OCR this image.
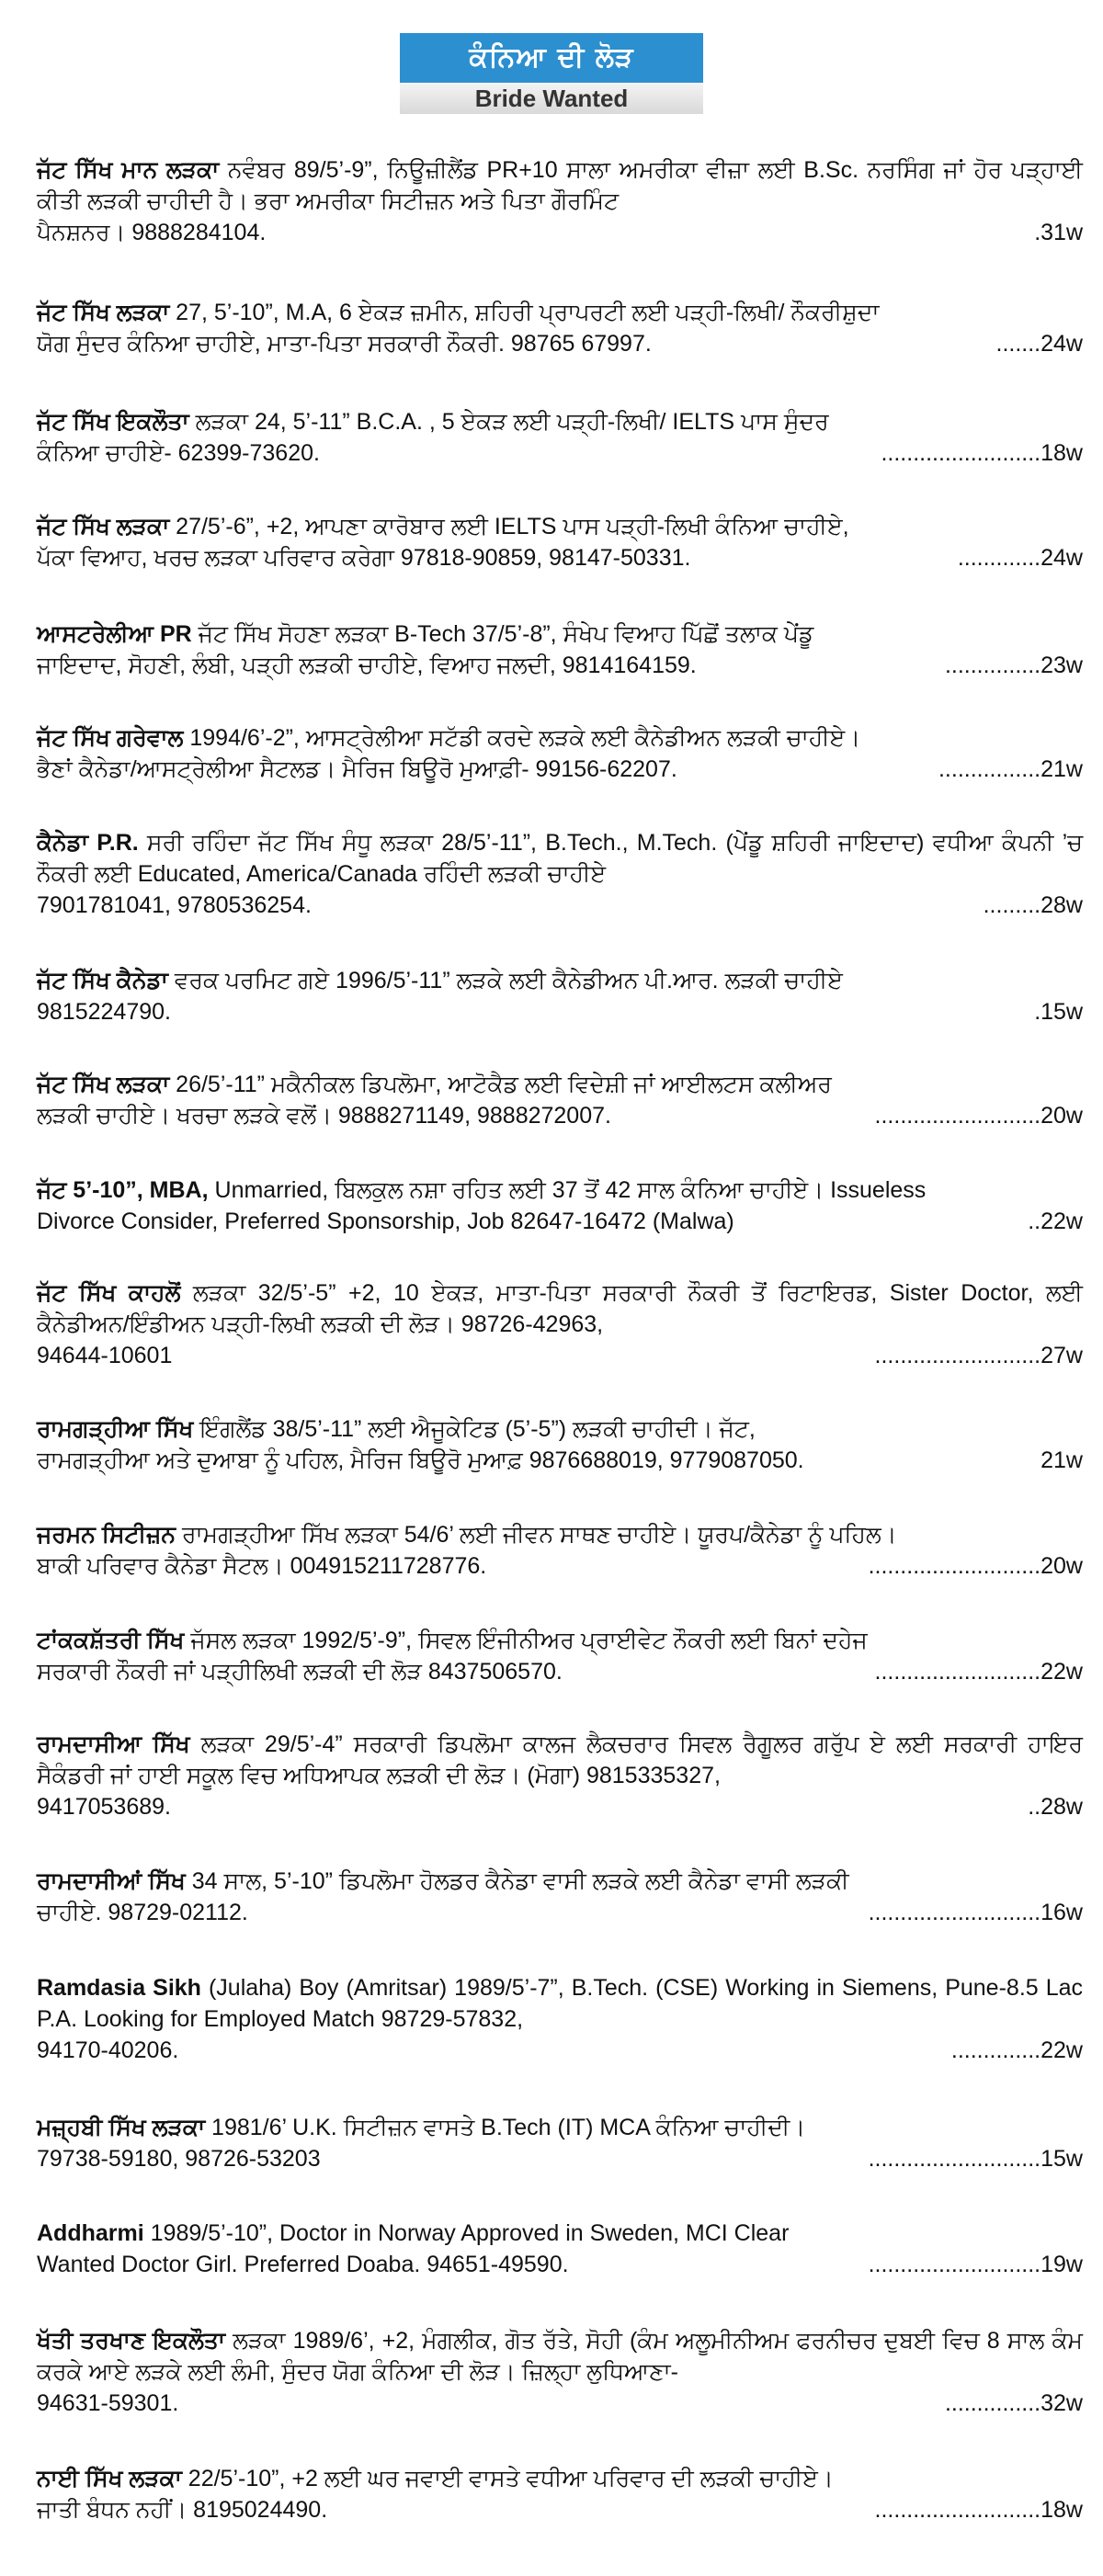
ਕੰਨਿਆ ਦੀ ਲੋੜ
Bride Wanted
ਜੱਟ ਸਿੱਖ ਮਾਨ ਲੜਕਾ ਨਵੰਬਰ 89/5’-9”, ਨਿਊਜ਼ੀਲੈਂਡ PR+10 ਸਾਲਾ ਅਮਰੀਕਾ ਵੀਜ਼ਾ ਲਈ B.Sc. ਨਰਸਿੰਗ ਜਾਂ ਹੋਰ ਪੜ੍ਹਾਈ ਕੀਤੀ ਲੜਕੀ ਚਾਹੀਦੀ ਹੈ। ਭਰਾ ਅਮਰੀਕਾ ਸਿਟੀਜ਼ਨ ਅਤੇ ਪਿਤਾ ਗੌਰਮਿੰਟ
ਪੈਨਸ਼ਨਰ। 9888284104.	.31w
ਜੱਟ ਸਿੱਖ ਲੜਕਾ 27, 5’-10”, M.A, 6 ਏਕੜ ਜ਼ਮੀਨ, ਸ਼ਹਿਰੀ ਪ੍ਰਾਪਰਟੀ ਲਈ ਪੜ੍ਹੀ-ਲਿਖੀ/ ਨੌਕਰੀਸ਼ੁਦਾ
ਯੋਗ ਸੁੰਦਰ ਕੰਨਿਆ ਚਾਹੀਏ, ਮਾਤਾ-ਪਿਤਾ ਸਰਕਾਰੀ ਨੌਕਰੀ. 98765 67997.	....... 24w
ਜੱਟ ਸਿੱਖ ਇਕਲੌਤਾ ਲੜਕਾ 24, 5’-11” B.C.A. , 5 ਏਕੜ ਲਈ ਪੜ੍ਹੀ-ਲਿਖੀ/ IELTS ਪਾਸ ਸੁੰਦਰ
ਕੰਨਿਆ ਚਾਹੀਏ- 62399-73620.	......................... 18w
ਜੱਟ ਸਿੱਖ ਲੜਕਾ 27/5’-6”, +2, ਆਪਣਾ ਕਾਰੋਬਾਰ ਲਈ IELTS ਪਾਸ ਪੜ੍ਹੀ-ਲਿਖੀ ਕੰਨਿਆ ਚਾਹੀਏ,
ਪੱਕਾ ਵਿਆਹ, ਖਰਚ ਲੜਕਾ ਪਰਿਵਾਰ ਕਰੇਗਾ 97818-90859, 98147-50331.	............. 24w
ਆਸਟਰੇਲੀਆ PR ਜੱਟ ਸਿੱਖ ਸੋਹਣਾ ਲੜਕਾ B-Tech 37/5’-8”, ਸੰਖੇਪ ਵਿਆਹ ਪਿੱਛੋਂ ਤਲਾਕ ਪੇਂਡੂ
ਜਾਇਦਾਦ, ਸੋਹਣੀ, ਲੰਬੀ, ਪੜ੍ਹੀ ਲੜਕੀ ਚਾਹੀਏ, ਵਿਆਹ ਜਲਦੀ, 9814164159.	............... 23w
ਜੱਟ ਸਿੱਖ ਗਰੇਵਾਲ 1994/6’-2”, ਆਸਟ੍ਰੇਲੀਆ ਸਟੱਡੀ ਕਰਦੇ ਲੜਕੇ ਲਈ ਕੈਨੇਡੀਅਨ ਲੜਕੀ ਚਾਹੀਏ।
ਭੈਣਾਂ ਕੈਨੇਡਾ/ਆਸਟ੍ਰੇਲੀਆ ਸੈਟਲਡ। ਮੈਰਿਜ ਬਿਊਰੋ ਮੁਆਫ਼ੀ- 99156-62207.	................ 21w
ਕੈਨੇਡਾ P.R. ਸਰੀ ਰਹਿੰਦਾ ਜੱਟ ਸਿੱਖ ਸੰਧੂ ਲੜਕਾ 28/5’-11”, B.Tech., M.Tech. (ਪੇਂਡੂ ਸ਼ਹਿਰੀ ਜਾਇਦਾਦ) ਵਧੀਆ ਕੰਪਨੀ ’ਚ ਨੌਕਰੀ ਲਈ Educated, America/Canada ਰਹਿੰਦੀ ਲੜਕੀ ਚਾਹੀਏ
7901781041, 9780536254.	......... 28w
ਜੱਟ ਸਿੱਖ ਕੈਨੇਡਾ ਵਰਕ ਪਰਮਿਟ ਗਏ 1996/5’-11” ਲੜਕੇ ਲਈ ਕੈਨੇਡੀਅਨ ਪੀ.ਆਰ. ਲੜਕੀ ਚਾਹੀਏ
9815224790.	.15w
ਜੱਟ ਸਿੱਖ ਲੜਕਾ 26/5’-11” ਮਕੈਨੀਕਲ ਡਿਪਲੋਮਾ, ਆਟੋਕੈਡ ਲਈ ਵਿਦੇਸ਼ੀ ਜਾਂ ਆਈਲਟਸ ਕਲੀਅਰ
ਲੜਕੀ ਚਾਹੀਏ। ਖਰਚਾ ਲੜਕੇ ਵਲੋਂ। 9888271149, 9888272007.	.......................... 20w
ਜੱਟ 5’-10”, MBA, Unmarried, ਬਿਲਕੁਲ ਨਸ਼ਾ ਰਹਿਤ ਲਈ 37 ਤੋਂ 42 ਸਾਲ ਕੰਨਿਆ ਚਾਹੀਏ। Issueless
Divorce Consider, Preferred Sponsorship, Job 82647-16472 (Malwa)	.. 22w
ਜੱਟ ਸਿੱਖ ਕਾਹਲੋਂ ਲੜਕਾ 32/5’-5” +2, 10 ਏਕੜ, ਮਾਤਾ-ਪਿਤਾ ਸਰਕਾਰੀ ਨੌਕਰੀ ਤੋਂ ਰਿਟਾਇਰਡ, Sister Doctor, ਲਈ ਕੈਨੇਡੀਅਨ/ਇੰਡੀਅਨ ਪੜ੍ਹੀ-ਲਿਖੀ ਲੜਕੀ ਦੀ ਲੋੜ। 98726-42963,
94644-10601	.......................... 27w
ਰਾਮਗੜ੍ਹੀਆ ਸਿੱਖ ਇੰਗਲੈਂਡ 38/5’-11” ਲਈ ਐਜੂਕੇਟਿਡ (5’-5”) ਲੜਕੀ ਚਾਹੀਦੀ। ਜੱਟ,
ਰਾਮਗੜ੍ਹੀਆ ਅਤੇ ਦੁਆਬਾ ਨੂੰ ਪਹਿਲ, ਮੈਰਿਜ ਬਿਊਰੋ ਮੁਆਫ਼ 9876688019, 9779087050.	21w
ਜਰਮਨ ਸਿਟੀਜ਼ਨ ਰਾਮਗੜ੍ਹੀਆ ਸਿੱਖ ਲੜਕਾ 54/6’ ਲਈ ਜੀਵਨ ਸਾਥਣ ਚਾਹੀਏ। ਯੂਰਪ/ਕੈਨੇਡਾ ਨੂੰ ਪਹਿਲ।
ਬਾਕੀ ਪਰਿਵਾਰ ਕੈਨੇਡਾ ਸੈਟਲ। 004915211728776.	........................... 20w
ਟਾਂਕਕਸ਼ੱਤਰੀ ਸਿੱਖ ਜੱਸਲ ਲੜਕਾ 1992/5’-9”, ਸਿਵਲ ਇੰਜੀਨੀਅਰ ਪ੍ਰਾਈਵੇਟ ਨੌਕਰੀ ਲਈ ਬਿਨਾਂ ਦਹੇਜ
ਸਰਕਾਰੀ ਨੌਕਰੀ ਜਾਂ ਪੜ੍ਹੀਲਿਖੀ ਲੜਕੀ ਦੀ ਲੋੜ 8437506570.	.......................... 22w
ਰਾਮਦਾਸੀਆ ਸਿੱਖ ਲੜਕਾ 29/5’-4” ਸਰਕਾਰੀ ਡਿਪਲੋਮਾ ਕਾਲਜ ਲੈਕਚਰਾਰ ਸਿਵਲ ਰੈਗੂਲਰ ਗਰੁੱਪ ਏ ਲਈ ਸਰਕਾਰੀ ਹਾਇਰ ਸੈਕੰਡਰੀ ਜਾਂ ਹਾਈ ਸਕੂਲ ਵਿਚ ਅਧਿਆਪਕ ਲੜਕੀ ਦੀ ਲੋੜ। (ਮੋਗਾ) 9815335327,
9417053689.	.. 28w
ਰਾਮਦਾਸੀਆਂ ਸਿੱਖ 34 ਸਾਲ, 5’-10” ਡਿਪਲੋਮਾ ਹੋਲਡਰ ਕੈਨੇਡਾ ਵਾਸੀ ਲੜਕੇ ਲਈ ਕੈਨੇਡਾ ਵਾਸੀ ਲੜਕੀ
ਚਾਹੀਏ. 98729-02112.	........................... 16w
Ramdasia Sikh (Julaha) Boy (Amritsar) 1989/5’-7”, B.Tech. (CSE) Working in Siemens, Pune-8.5 Lac P.A. Looking for Employed Match 98729-57832,
94170-40206.	.............. 22w
ਮਜ਼੍ਹਬੀ ਸਿੱਖ ਲੜਕਾ 1981/6’ U.K. ਸਿਟੀਜ਼ਨ ਵਾਸਤੇ B.Tech (IT) MCA ਕੰਨਿਆ ਚਾਹੀਦੀ।
79738-59180, 98726-53203	........................... 15w
Addharmi 1989/5’-10”, Doctor in Norway Approved in Sweden, MCI Clear
Wanted Doctor Girl. Preferred Doaba. 94651-49590.	........................... 19w
ਖੱਤੀ ਤਰਖਾਣ ਇਕਲੌਤਾ ਲੜਕਾ 1989/6’, +2, ਮੰਗਲੀਕ, ਗੋਤ ਰੱਤੇ, ਸੋਹੀ (ਕੰਮ ਅਲੂਮੀਨੀਅਮ ਫਰਨੀਚਰ ਦੁਬਈ ਵਿਚ 8 ਸਾਲ ਕੰਮ ਕਰਕੇ ਆਏ ਲੜਕੇ ਲਈ ਲੰਮੀ, ਸੁੰਦਰ ਯੋਗ ਕੰਨਿਆ ਦੀ ਲੋੜ। ਜ਼ਿਲ੍ਹਾ ਲੁਧਿਆਣਾ-
94631-59301.	............... 32w
ਨਾਈ ਸਿੱਖ ਲੜਕਾ 22/5’-10”, +2 ਲਈ ਘਰ ਜਵਾਈ ਵਾਸਤੇ ਵਧੀਆ ਪਰਿਵਾਰ ਦੀ ਲੜਕੀ ਚਾਹੀਏ।
ਜਾਤੀ ਬੰਧਨ ਨਹੀਂ। 8195024490.	.......................... 18w
